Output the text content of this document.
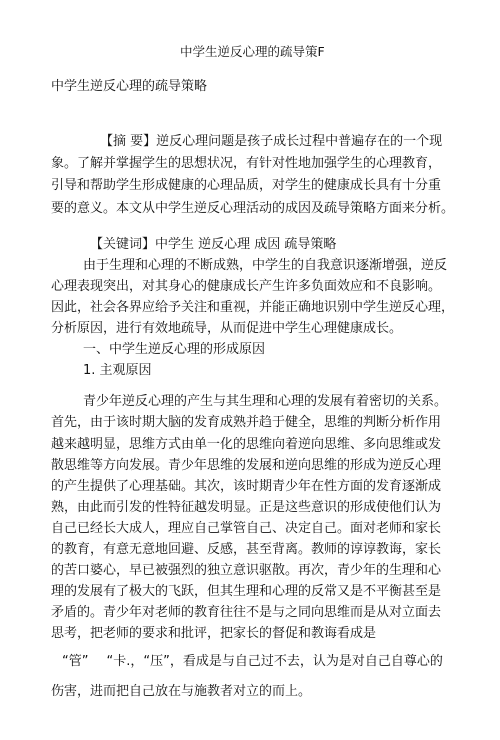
中学生逆反心理的疏导策F
中学生逆反心理的疏导策略
【摘 要】逆反心理问题是孩子成长过程中普遍存在的一个现
象。了解并掌握学生的思想状况，有针对性地加强学生的心理教育，
引导和帮助学生形成健康的心理品质，对学生的健康成长具有十分重
要的意义。本文从中学生逆反心理活动的成因及疏导策略方面来分析。
【关键词】中学生 逆反心理 成因 疏导策略
由于生理和心理的不断成熟，中学生的自我意识逐渐增强，逆反
心理表现突出，对其身心的健康成长产生许多负面效应和不良影响。
因此，社会各界应给予关注和重视，并能正确地识别中学生逆反心理，
分析原因，进行有效地疏导，从而促进中学生心理健康成长。
一、中学生逆反心理的形成原因
1. 主观原因
青少年逆反心理的产生与其生理和心理的发展有着密切的关系。
首先，由于该时期大脑的发育成熟并趋于健全，思维的判断分析作用
越来越明显，思维方式由单一化的思维向着逆向思维、多向思维或发
散思维等方向发展。青少年思维的发展和逆向思维的形成为逆反心理
的产生提供了心理基础。其次，该时期青少年在性方面的发育逐渐成
熟，由此而引发的性特征越发明显。正是这些意识的形成使他们认为
自己已经长大成人，理应自己掌管自己、决定自己。面对老师和家长
的教育，有意无意地回避、反感，甚至背离。教师的谆谆教诲，家长
的苦口婆心，早已被强烈的独立意识驱散。再次，青少年的生理和心
理的发展有了极大的飞跃，但其生理和心理的反常又是不平衡甚至是
矛盾的。青少年对老师的教育往往不是与之同向思维而是从对立面去
思考，把老师的要求和批评，把家长的督促和教诲看成是
“管” “卡.，“压”，看成是与自己过不去，认为是对自己自尊心的
伤害，进而把自己放在与施教者对立的而上。
